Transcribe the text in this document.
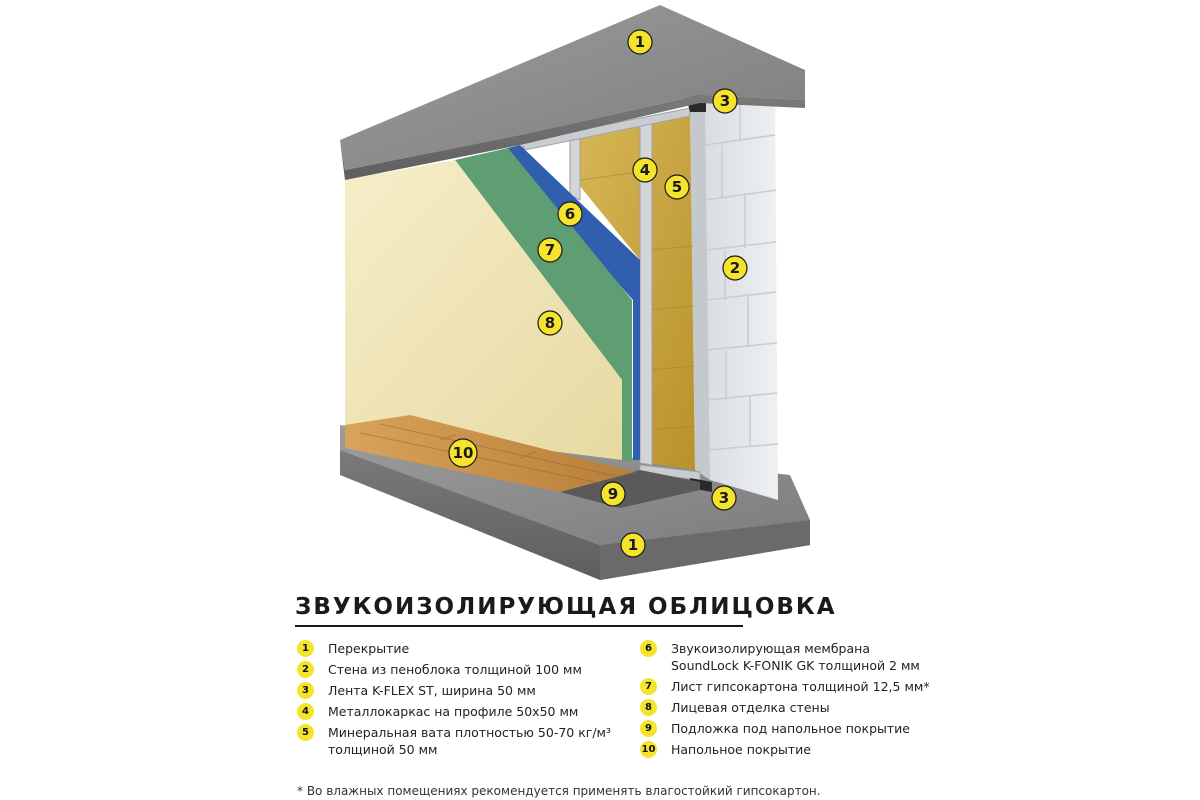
1
3
4
5
6
7
2
8
10
9	3
1
ЗВУКОИЗОЛИРУЮЩАЯ ОБЛИЦОВКА
1	Перекрытие
2	Стена из пеноблока толщиной 100 мм
3	Лента K-FLEX ST, ширина 50 мм
4	Металлокаркас на профиле 50x50 мм
5	Минеральная вата плотностью 50-70 кг/м³
толщиной 50 мм
6	Звукоизолирующая мембрана
SoundLock K-FONIK GK толщиной 2 мм
7	Лист гипсокартона толщиной 12,5 мм*
8	Лицевая отделка стены
9	Подложка под напольное покрытие
10 Напольное покрытие
* Во влажных помещениях рекомендуется применять влагостойкий гипсокартон.
